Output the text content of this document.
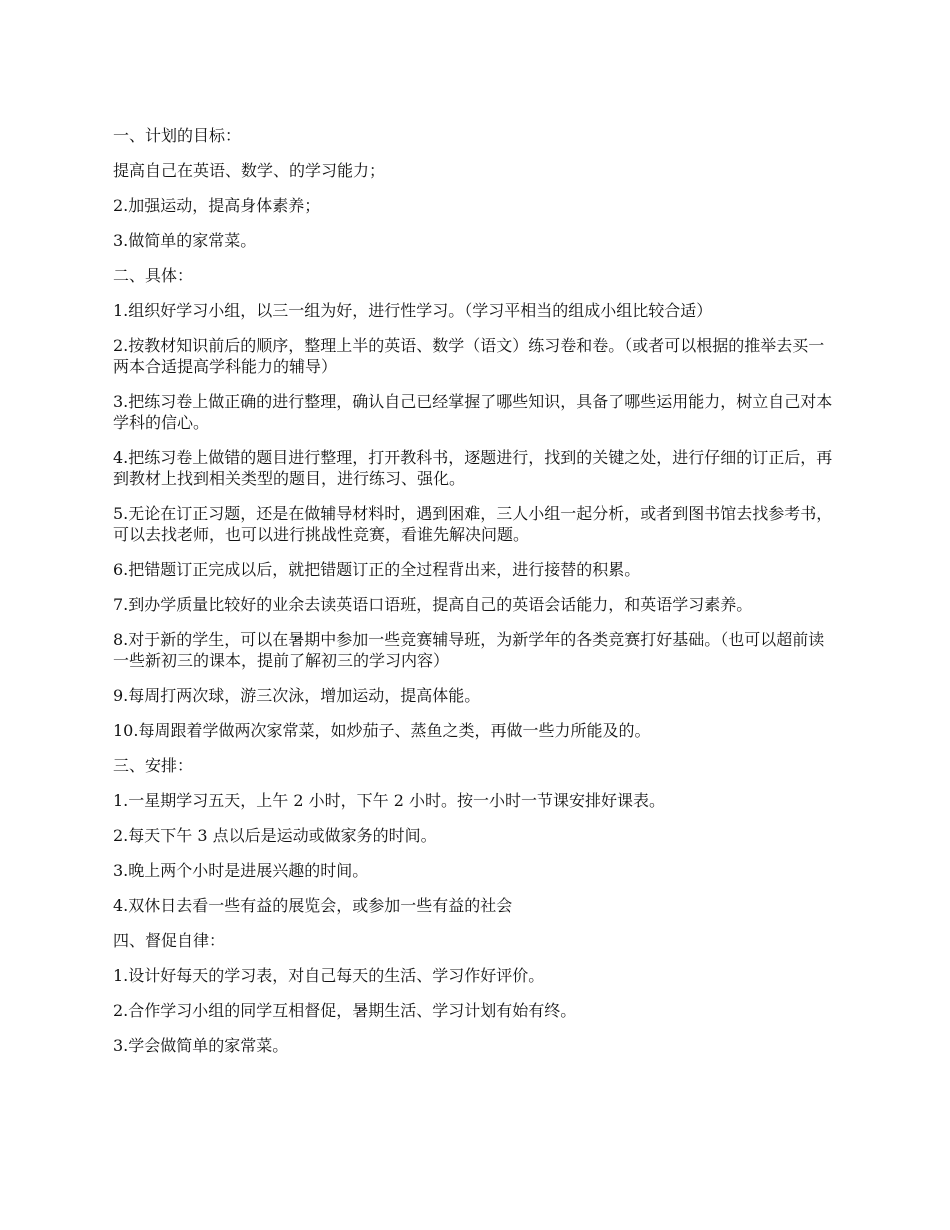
一、计划的目标：

提高自己在英语、数学、的学习能力；

2.加强运动，提高身体素养；

3.做简单的家常菜。

二、具体：

1.组织好学习小组，以三一组为好，进行性学习。（学习平相当的组成小组比较合适）

2.按教材知识前后的顺序，整理上半的英语、数学（语文）练习卷和卷。（或者可以根据的推举去买一两本合适提高学科能力的辅导）

3.把练习卷上做正确的进行整理，确认自己已经掌握了哪些知识，具备了哪些运用能力，树立自己对本学科的信心。

4.把练习卷上做错的题目进行整理，打开教科书，逐题进行，找到的关键之处，进行仔细的订正后，再到教材上找到相关类型的题目，进行练习、强化。

5.无论在订正习题，还是在做辅导材料时，遇到困难，三人小组一起分析，或者到图书馆去找参考书，可以去找老师，也可以进行挑战性竞赛，看谁先解决问题。

6.把错题订正完成以后，就把错题订正的全过程背出来，进行接替的积累。

7.到办学质量比较好的业余去读英语口语班，提高自己的英语会话能力，和英语学习素养。

8.对于新的学生，可以在暑期中参加一些竞赛辅导班，为新学年的各类竞赛打好基础。（也可以超前读一些新初三的课本，提前了解初三的学习内容）

9.每周打两次球，游三次泳，增加运动，提高体能。

10.每周跟着学做两次家常菜，如炒茄子、蒸鱼之类，再做一些力所能及的。

三、安排：

1.一星期学习五天，上午 2 小时，下午 2 小时。按一小时一节课安排好课表。

2.每天下午 3 点以后是运动或做家务的时间。

3.晚上两个小时是进展兴趣的时间。

4.双休日去看一些有益的展览会，或参加一些有益的社会

四、督促自律：

1.设计好每天的学习表，对自己每天的生活、学习作好评价。

2.合作学习小组的同学互相督促，暑期生活、学习计划有始有终。

3.学会做简单的家常菜。
